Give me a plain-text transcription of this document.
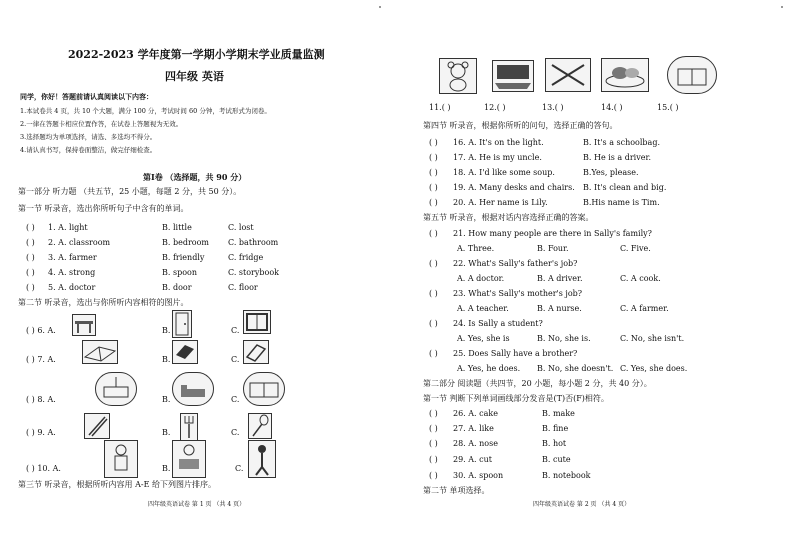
2022-2023 学年度第一学期小学期末学业质量监测
四年级 英语
同学，你好！答题前请认真阅读以下内容：
1.本试卷共 4 页，共 10 个大题，满分 100 分，考试时间 60 分钟，考试形式为闭卷。
2.一律在答题卡相应位置作答，在试卷上答题视为无效。
3.选择题均为单项选择，请选、多选均不得分。
4.请认真书写，保持卷面整洁，做完仔细检查。
第Ⅰ卷 （选择题，共 90 分）
第一部分 听力题 （共五节，25 小题，每题 2 分，共 50 分）。
第一节 听录音，选出你所听句子中含有的单词。
( ) 1. A. light	B. little	C. lost
( ) 2. A. classroom	B. bedroom C. bathroom
( ) 3. A. farmer	B. friendly	C. fridge
( ) 4. A. strong	B. spoon	C. storybook
( ) 5. A. doctor	B. door	C. floor
第二节 听录音，选出与你所听内容相符的图片。
( ) 6. A.	B.	C.
( ) 7. A.	B.	C.
( ) 8. A.	B.	C.
( ) 9. A.	B.	C.
( ) 10. A.	B.	C.
第三节 听录音，根据所听内容用 A-E 给下列图片排序。
四年级英语试卷 第 1 页 （共 4 页）
11.( )	12.( )	13.( )	14.( )	15.( )
第四节 听录音，根据你所听的问句，选择正确的答句。
( ) 16. A. It's on the light.	B. It's a schoolbag.
( ) 17. A. He is my uncle.	B. He is a driver.
( ) 18. A. I'd like some soup.	B.Yes, please.
( ) 19. A. Many desks and chairs. B. It's clean and big.
( ) 20. A. Her name is Lily.	B.His name is Tim.
第五节 听录音，根据对话内容选择正确的答案。
( ) 21. How many people are there in Sally's family?
A. Three.	B. Four.	C. Five.
( ) 22. What's Sally's father's job?
A. A doctor.	B. A driver.	C. A cook.
( ) 23. What's Sally's mother's job?
A. A teacher.	B. A nurse.	C. A farmer.
( ) 24. Is Sally a student?
A. Yes, she is	B. No, she is.	C. No, she isn't.
( ) 25. Does Sally have a brother?
A. Yes, he does. B. No, she doesn't. C. Yes, she does.
第二部分 阅读题（共四节，20 小题，每小题 2 分，共 40 分）。
第一节 判断下列单词画线部分发音是(T)否(F)相符。
( ) 26. A. cake	B. make
( ) 27. A. like	B. fine
( ) 28. A. nose	B. hot
( ) 29. A. cut	B. cute
( ) 30. A. spoon	B. notebook
第二节 单项选择。
四年级英语试卷 第 2 页 （共 4 页）
